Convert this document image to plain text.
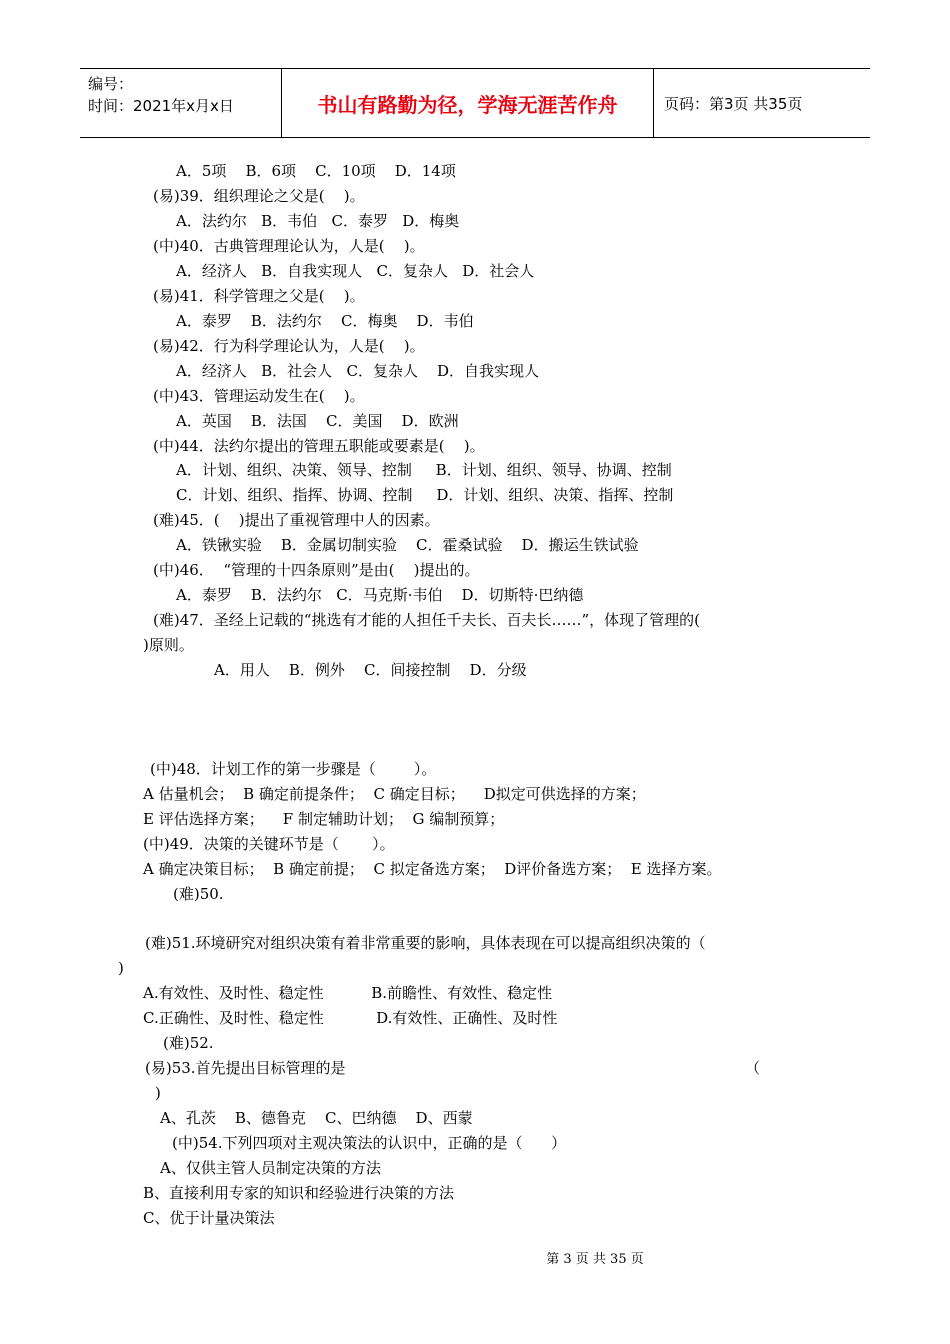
编号：
时间：2021年x月x日	书山有路勤为径，学海无涯苦作舟	页码：第3页 共35页
A．5项    B．6项    C．10项    D．14项
(易)39．组织理论之父是(    )。
A．法约尔   B．韦伯   C．泰罗   D．梅奥
(中)40．古典管理理论认为，人是(    )。
A．经济人   B．自我实现人   C．复杂人   D．社会人
(易)41．科学管理之父是(    )。
A．泰罗    B．法约尔    C．梅奥    D．韦伯
(易)42．行为科学理论认为，人是(    )。
A．经济人   B．社会人   C．复杂人    D．自我实现人
(中)43．管理运动发生在(    )。
A．英国    B．法国    C．美国    D．欧洲
(中)44．法约尔提出的管理五职能或要素是(    )。
A．计划、组织、决策、领导、控制     B．计划、组织、领导、协调、控制
C．计划、组织、指挥、协调、控制     D．计划、组织、决策、指挥、控制
(难)45．(    )提出了重视管理中人的因素。
A．铁锹实验    B．金属切制实验    C．霍桑试验    D．搬运生铁试验
(中)46．  “管理的十四条原则”是由(    )提出的。
A．泰罗    B．法约尔   C．马克斯·韦伯    D．切斯特·巴纳德
(难)47．圣经上记载的“挑选有才能的人担任千夫长、百夫长……”，体现了管理的(
)原则。
A．用人    B．例外    C．间接控制    D．分级
(中)48．计划工作的第一步骤是（        ）。
A 估量机会；  B 确定前提条件；  C 确定目标；    D拟定可供选择的方案；
E 评估选择方案；    F 制定辅助计划；  G 编制预算；
(中)49．决策的关键环节是（       ）。
A 确定决策目标；  B 确定前提；  C 拟定备选方案；  D评价备选方案；  E 选择方案。
(难)50.
(难)51.环境研究对组织决策有着非常重要的影响，具体表现在可以提高组织决策的（
)
A.有效性、及时性、稳定性          B.前瞻性、有效性、稳定性
C.正确性、及时性、稳定性           D.有效性、正确性、及时性
(难)52.
(易)53.首先提出目标管理的是	（
)
A、孔茨    B、德鲁克    C、巴纳德    D、西蒙
(中)54.下列四项对主观决策法的认识中，正确的是（      ）
A、仅供主管人员制定决策的方法
B、直接利用专家的知识和经验进行决策的方法
C、优于计量决策法
第 3 页 共 35 页
